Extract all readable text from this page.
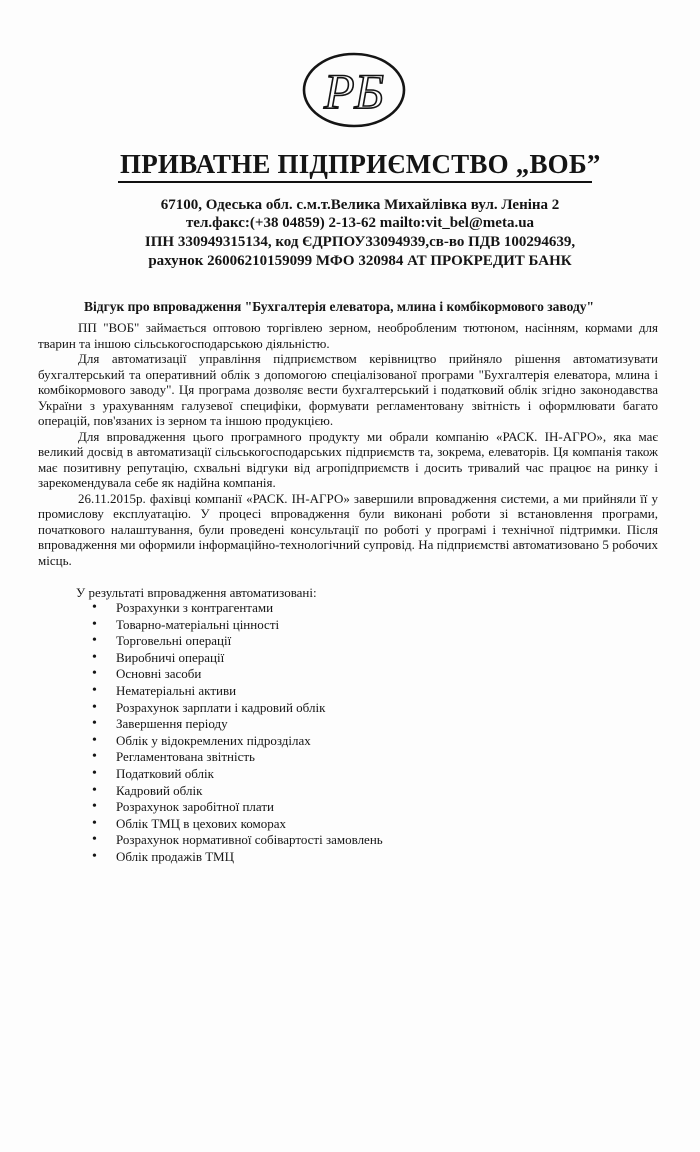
РБ
ПРИВАТНЕ ПІДПРИЄМСТВО „ВОБ”
67100, Одеська обл. с.м.т.Велика Михайлівка вул. Леніна 2
тел.факс:(+38 04859) 2-13-62 mailto:vit_bel@meta.ua
ІПН 330949315134, код ЄДРПОУ33094939,св-во ПДВ 100294639,
рахунок 26006210159099 МФО 320984 АТ ПРОКРЕДИТ БАНК
Відгук про впровадження "Бухгалтерія елеватора, млина і комбікормового заводу"

ПП "ВОБ" займається оптовою торгівлею зерном, необробленим тютюном, насінням, кормами для тварин та іншою сільськогосподарською діяльністю.

Для автоматизації управління підприємством керівництво прийняло рішення автоматизувати бухгалтерський та оперативний облік з допомогою спеціалізованої програми "Бухгалтерія елеватора, млина і комбікормового заводу". Ця програма дозволяє вести бухгалтерський і податковий облік згідно законодавства України з урахуванням галузевої специфіки, формувати регламентовану звітність і оформлювати багато операцій, пов'язаних із зерном та іншою продукцією.

Для впровадження цього програмного продукту ми обрали компанію «РАСК. ІН-АГРО», яка має великий досвід в автоматизації сільськогосподарських підприємств та, зокрема, елеваторів. Ця компанія також має позитивну репутацію, схвальні відгуки від агропідприємств і досить тривалий час працює на ринку і зарекомендувала себе як надійна компанія.

26.11.2015р. фахівці компанії «РАСК. ІН-АГРО» завершили впровадження системи, а ми прийняли її у промислову експлуатацію. У процесі впровадження були виконані роботи зі встановлення програми, початкового налаштування, були проведені консультації по роботі у програмі і технічної підтримки. Після впровадження ми оформили інформаційно-технологічний супровід. На підприємстві автоматизовано 5 робочих місць.

У результаті впровадження автоматизовані:
• Розрахунки з контрагентами
• Товарно-матеріальні цінності
• Торговельні операції
• Виробничі операції
• Основні засоби
• Нематеріальні активи
• Розрахунок зарплати і кадровий облік
• Завершення періоду
• Облік у відокремлених підрозділах
• Регламентована звітність
• Податковий облік
• Кадровий облік
• Розрахунок заробітної плати
• Облік ТМЦ в цехових коморах
• Розрахунок нормативної собівартості замовлень
• Облік продажів ТМЦ
